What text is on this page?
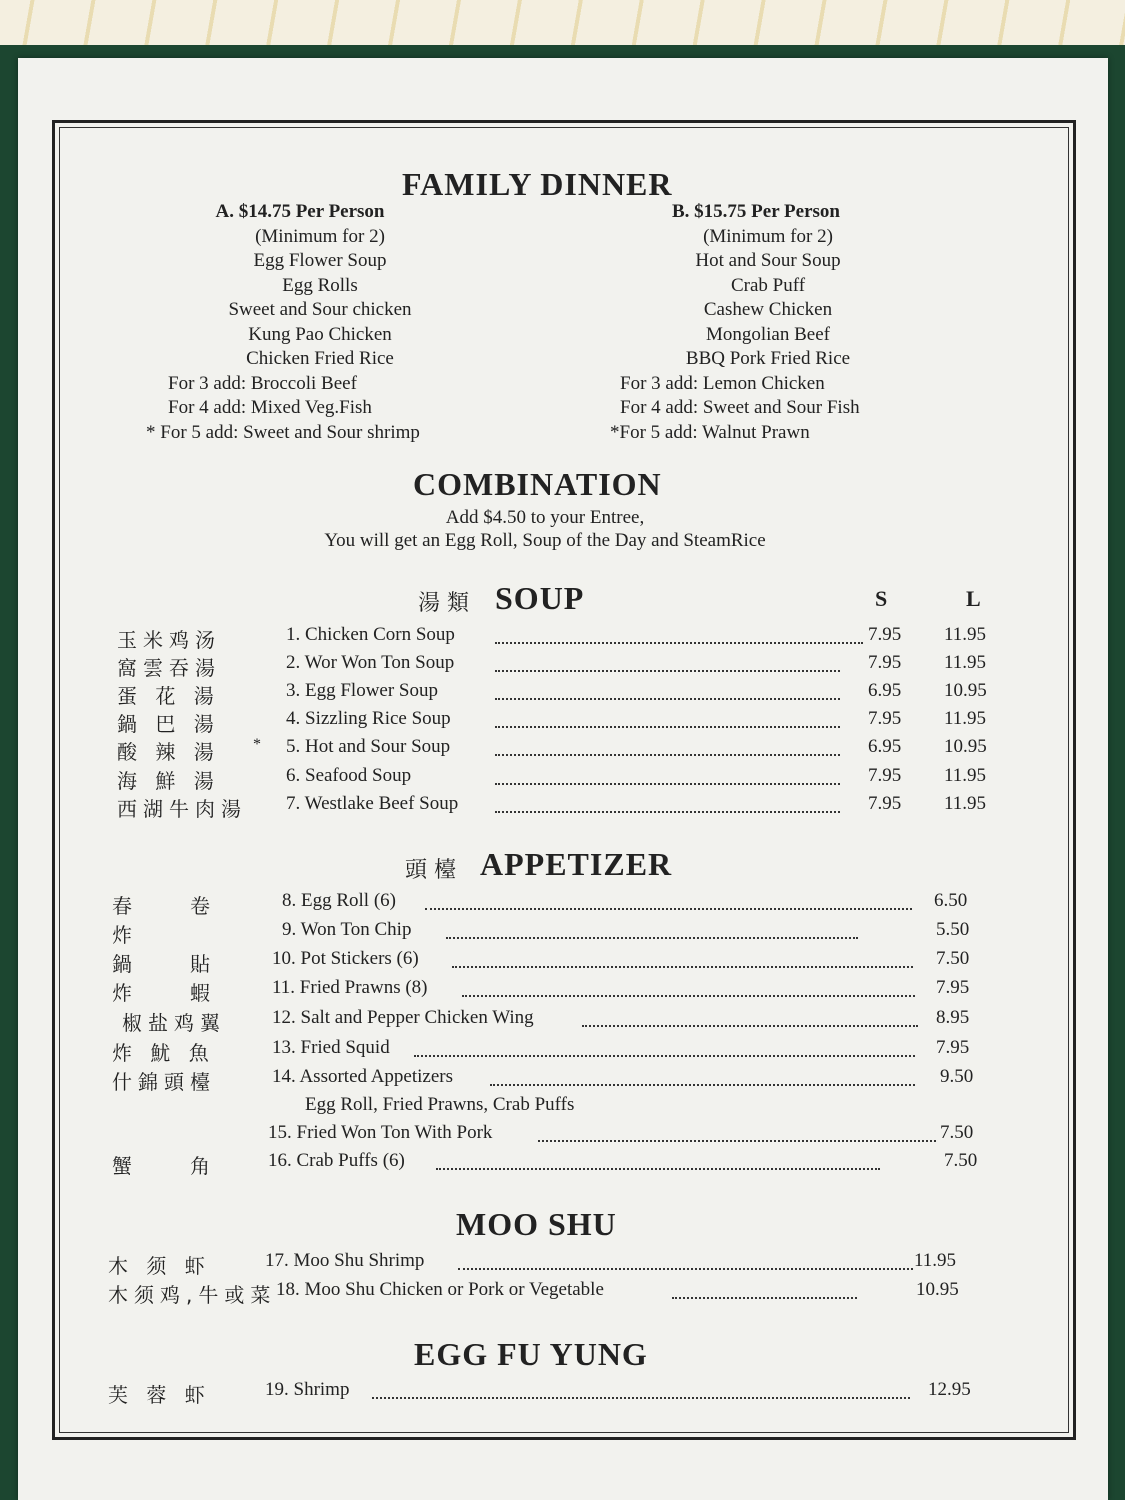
FAMILY DINNER
A. $14.75 Per Person
(Minimum for 2)
Egg Flower Soup
Egg Rolls
Sweet and Sour chicken
Kung Pao Chicken
Chicken Fried Rice
For 3 add: Broccoli Beef
For 4 add: Mixed Veg.Fish
* For 5 add: Sweet and Sour shrimp
B. $15.75 Per Person
(Minimum for 2)
Hot and Sour Soup
Crab Puff
Cashew Chicken
Mongolian Beef
BBQ Pork Fried Rice
For 3 add: Lemon Chicken
For 4 add: Sweet and Sour Fish
*For 5 add: Walnut Prawn
COMBINATION
Add $4.50 to your Entree,
You will get an Egg Roll, Soup of the Day and SteamRice
湯 類 SOUP	S	L
玉米鸡汤	1. Chicken Corn Soup	7.95 11.95
窩雲吞湯	2. Wor Won Ton Soup	7.95 11.95
蛋 花 湯	3. Egg Flower Soup	6.95 10.95
鍋 巴 湯	4. Sizzling Rice Soup	7.95 11.95
酸 辣 湯 * 5. Hot and Sour Soup	6.95 10.95
海 鮮 湯	6. Seafood Soup	7.95 11.95
西湖牛肉湯 7. Westlake Beef Soup	7.95 11.95
頭 檯 APPETIZER
春　　卷	8. Egg Roll (6)	6.50
炸	9. Won Ton Chip	5.50
鍋　　貼	10. Pot Stickers (6)	7.50
炸　　蝦	11. Fried Prawns (8)	7.95
椒盐鸡翼 12. Salt and Pepper Chicken Wing	8.95
炸 魷 魚	13. Fried Squid	7.95
什錦頭檯	14. Assorted Appetizers	9.50
Egg Roll, Fried Prawns, Crab Puffs
15. Fried Won Ton With Pork	7.50
蟹　　角	16. Crab Puffs (6)	7.50
MOO SHU
木 须 虾	17. Moo Shu Shrimp	11.95
木须鸡,牛或菜 18. Moo Shu Chicken or Pork or Vegetable	10.95
EGG FU YUNG
芙 蓉 虾	19. Shrimp	12.95
